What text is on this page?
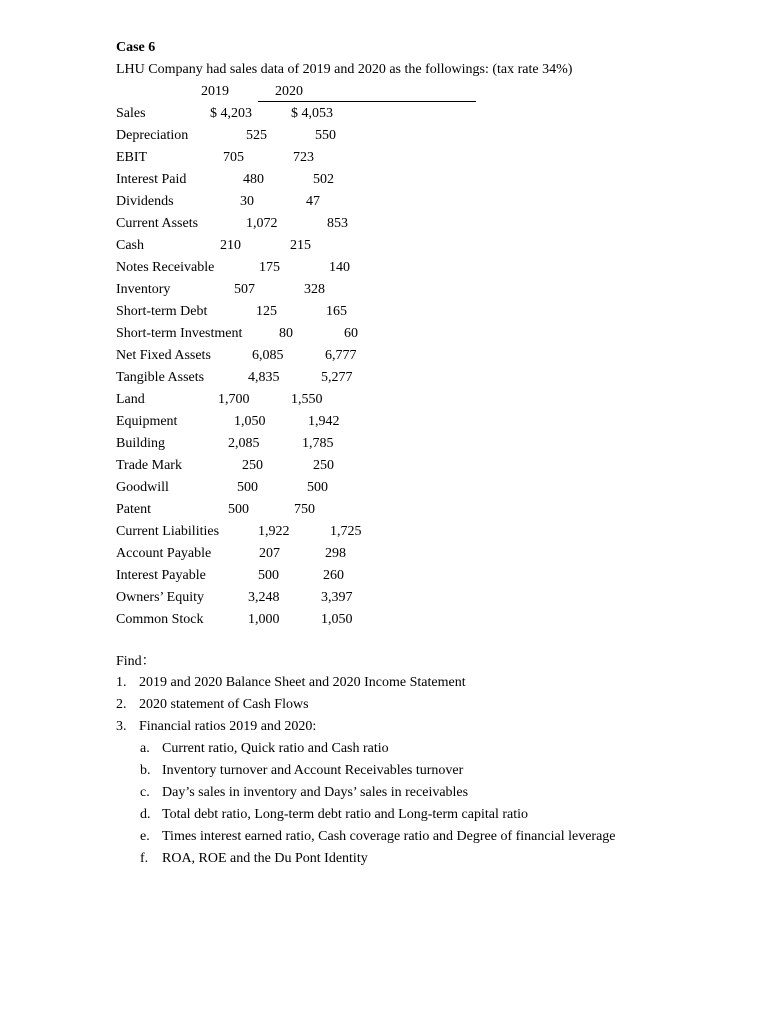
Case 6
LHU Company had sales data of 2019 and 2020 as the followings: (tax rate 34%)
2019	2020
Sales	$ 4,203	$ 4,053
Depreciation	525	550
EBIT	705	723
Interest Paid	480	502
Dividends	30	47
Current Assets	1,072	853
Cash	210	215
Notes Receivable	175	140
Inventory	507	328
Short-term Debt	125	165
Short-term Investment	80	60
Net Fixed Assets	6,085	6,777
Tangible Assets	4,835	5,277
Land	1,700	1,550
Equipment	1,050	1,942
Building	2,085	1,785
Trade Mark	250	250
Goodwill	500	500
Patent	500	750
Current Liabilities	1,922	1,725
Account Payable	207	298
Interest Payable	500	260
Owners’ Equity	3,248	3,397
Common Stock	1,000	1,050
Find：
1. 2019 and 2020 Balance Sheet and 2020 Income Statement
2. 2020 statement of Cash Flows
3. Financial ratios 2019 and 2020:
a. Current ratio, Quick ratio and Cash ratio
b. Inventory turnover and Account Receivables turnover
c. Day’s sales in inventory and Days’ sales in receivables
d. Total debt ratio, Long-term debt ratio and Long-term capital ratio
e. Times interest earned ratio, Cash coverage ratio and Degree of financial leverage
f. ROA, ROE and the Du Pont Identity
